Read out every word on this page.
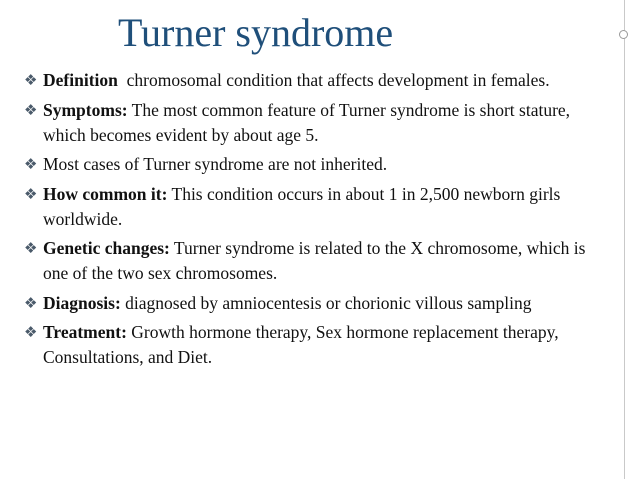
Turner syndrome
❖ Definition chromosomal condition that affects development in females.
❖ Symptoms: The most common feature of Turner syndrome is short stature, which becomes evident by about age 5.
❖ Most cases of Turner syndrome are not inherited.
❖ How common it: This condition occurs in about 1 in 2,500 newborn girls worldwide.
❖ Genetic changes: Turner syndrome is related to the X chromosome, which is one of the two sex chromosomes.
❖ Diagnosis: diagnosed by amniocentesis or chorionic villous sampling
❖ Treatment: Growth hormone therapy, Sex hormone replacement therapy, Consultations, and Diet.
